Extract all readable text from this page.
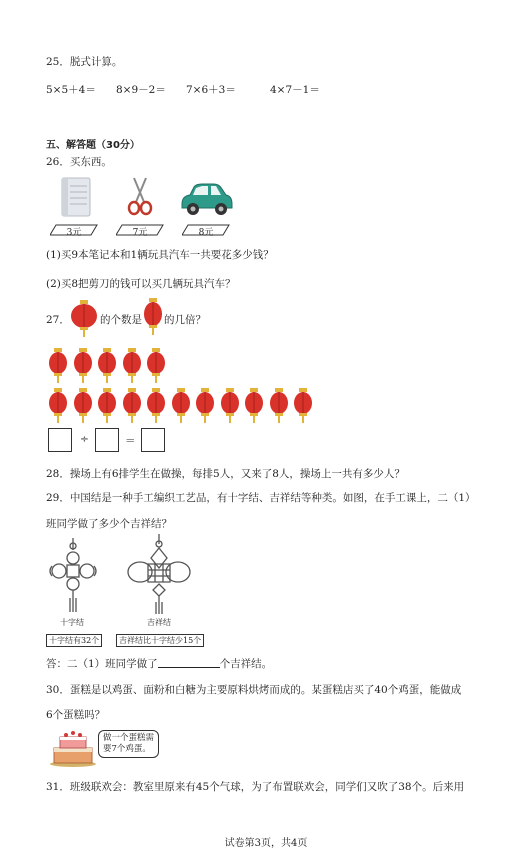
25．脱式计算。
5×5＋4＝ 8×9－2＝ 7×6＋3＝	4×7－1＝
五、解答题（30分）
26．买东西。
3元	7元	8元
(1)买9本笔记本和1辆玩具汽车一共要花多少钱？
(2)买8把剪刀的钱可以买几辆玩具汽车？
27．	的个数是 的几倍？
÷	＝
28．操场上有6排学生在做操，每排5人，又来了8人，操场上一共有多少人？
29．中国结是一种手工编织工艺品，有十字结、吉祥结等种类。如图，在手工课上，二（1）
班同学做了多少个吉祥结？
十字结	吉祥结
十字结有32个	吉祥结比十字结少15个
答：二（1）班同学做了	个吉祥结。
30．蛋糕是以鸡蛋、面粉和白糖为主要原料烘烤而成的。某蛋糕店买了40个鸡蛋，能做成
6个蛋糕吗？
做一个蛋糕需
要7个鸡蛋。
31．班级联欢会：教室里原来有45个气球，为了布置联欢会，同学们又吹了38个。后来用
试卷第3页，共4页
